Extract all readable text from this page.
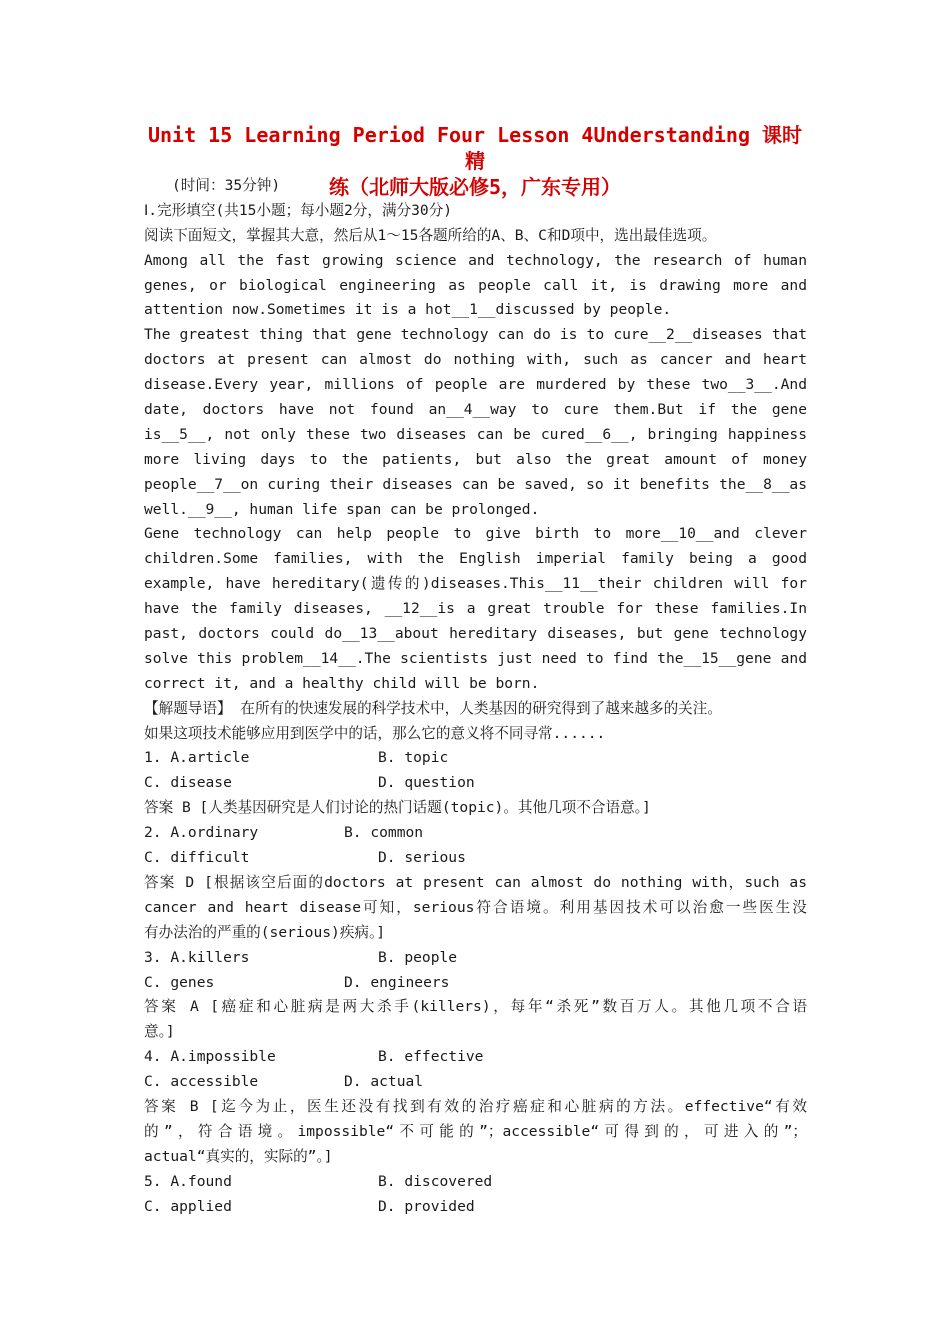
Unit 15 Learning Period Four Lesson 4Understanding 课时精
练（北师大版必修5，广东专用）
(时间：35分钟)
Ⅰ.完形填空(共15小题；每小题2分，满分30分)
阅读下面短文，掌握其大意，然后从1～15各题所给的A、B、C和D项中，选出最佳选项。
Among all the fast growing science and technology, the research of human
genes, or biological engineering as people call it, is drawing more and
attention now.Sometimes it is a hot__1__discussed by people.
The greatest thing that gene technology can do is to cure__2__diseases that
doctors at present can almost do nothing with, such as cancer and heart
disease.Every year, millions of people are murdered by these two__3__.And
date, doctors have not found an__4__way to cure them.But if the gene
is__5__, not only these two diseases can be cured__6__, bringing happiness
more living days to the patients, but also the great amount of money
people__7__on curing their diseases can be saved, so it benefits the__8__as
well.__9__, human life span can be prolonged.
Gene technology can help people to give birth to more__10__and clever
children.Some families, with the English imperial family being a good
example, have hereditary(遗传的)diseases.This__11__their children will for
have the family diseases, __12__is a great trouble for these families.In
past, doctors could do__13__about hereditary diseases, but gene technology
solve this problem__14__.The scientists just need to find the__15__gene and
correct it, and a healthy child will be born.
【解题导语】 在所有的快速发展的科学技术中，人类基因的研究得到了越来越多的关注。
如果这项技术能够应用到医学中的话，那么它的意义将不同寻常......
1. A.article	B. topic
C. disease	D. question
答案 B [人类基因研究是人们讨论的热门话题(topic)。其他几项不合语意。]
2. A.ordinary	B. common
C. difficult	D. serious
答案 D [根据该空后面的doctors at present can almost do nothing with，such as
cancer and heart disease可知，serious符合语境。利用基因技术可以治愈一些医生没
有办法治的严重的(serious)疾病。]
3. A.killers	B. people
C. genes	D. engineers
答案 A [癌症和心脏病是两大杀手(killers)，每年“杀死”数百万人。其他几项不合语
意。]
4. A.impossible	B. effective
C. accessible	D. actual
答案 B [迄今为止，医生还没有找到有效的治疗癌症和心脏病的方法。effective“有效
的”，符合语境。impossible“不可能的”；accessible“可得到的，可进入的”；
actual“真实的，实际的”。]
5. A.found	B. discovered
C. applied	D. provided
